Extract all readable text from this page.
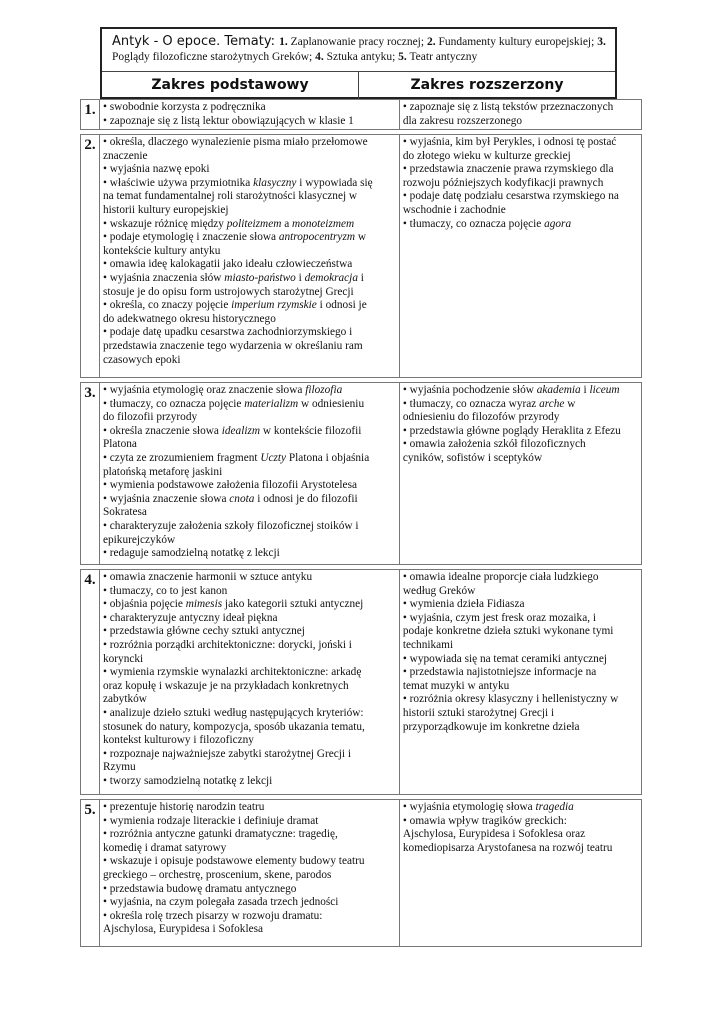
Antyk - O epoce. Tematy: 1. Zaplanowanie pracy rocznej; 2. Fundamenty kultury europejskiej; 3. Poglądy filozoficzne starożytnych Greków; 4. Sztuka antyku; 5. Teatr antyczny
Zakres podstawowy	Zakres rozszerzony
1. • swobodnie korzysta z podręcznika
• zapoznaje się z listą lektur obowiązujących w klasie 1
• zapoznaje się z listą tekstów przeznaczonych
dla zakresu rozszerzonego
2. • określa, dlaczego wynalezienie pisma miało przełomowe
znaczenie
• wyjaśnia nazwę epoki
• właściwie używa przymiotnika klasyczny i wypowiada się
na temat fundamentalnej roli starożytności klasycznej w
historii kultury europejskiej
• wskazuje różnicę między politeizmem a monoteizmem
• podaje etymologię i znaczenie słowa antropocentryzm w
kontekście kultury antyku
• omawia ideę kalokagatii jako ideału człowieczeństwa
• wyjaśnia znaczenia słów miasto-państwo i demokracja i
stosuje je do opisu form ustrojowych starożytnej Grecji
• określa, co znaczy pojęcie imperium rzymskie i odnosi je
do adekwatnego okresu historycznego
• podaje datę upadku cesarstwa zachodniorzymskiego i
przedstawia znaczenie tego wydarzenia w określaniu ram
czasowych epoki
• wyjaśnia, kim był Perykles, i odnosi tę postać
do złotego wieku w kulturze greckiej
• przedstawia znaczenie prawa rzymskiego dla
rozwoju późniejszych kodyfikacji prawnych
• podaje datę podziału cesarstwa rzymskiego na
wschodnie i zachodnie
• tłumaczy, co oznacza pojęcie agora
3. • wyjaśnia etymologię oraz znaczenie słowa filozofia
• tłumaczy, co oznacza pojęcie materializm w odniesieniu
do filozofii przyrody
• określa znaczenie słowa idealizm w kontekście filozofii
Platona
• czyta ze zrozumieniem fragment Uczty Platona i objaśnia
platońską metaforę jaskini
• wymienia podstawowe założenia filozofii Arystotelesa
• wyjaśnia znaczenie słowa cnota i odnosi je do filozofii
Sokratesa
• charakteryzuje założenia szkoły filozoficznej stoików i
epikurejczyków
• redaguje samodzielną notatkę z lekcji
• wyjaśnia pochodzenie słów akademia i liceum
• tłumaczy, co oznacza wyraz arche w
odniesieniu do filozofów przyrody
• przedstawia główne poglądy Heraklita z Efezu
• omawia założenia szkół filozoficznych
cyników, sofistów i sceptyków
4. • omawia znaczenie harmonii w sztuce antyku
• tłumaczy, co to jest kanon
• objaśnia pojęcie mimesis jako kategorii sztuki antycznej
• charakteryzuje antyczny ideał piękna
• przedstawia główne cechy sztuki antycznej
• rozróżnia porządki architektoniczne: dorycki, joński i
koryncki
• wymienia rzymskie wynalazki architektoniczne: arkadę
oraz kopułę i wskazuje je na przykładach konkretnych
zabytków
• analizuje dzieło sztuki według następujących kryteriów:
stosunek do natury, kompozycja, sposób ukazania tematu,
kontekst kulturowy i filozoficzny
• rozpoznaje najważniejsze zabytki starożytnej Grecji i
Rzymu
• tworzy samodzielną notatkę z lekcji
• omawia idealne proporcje ciała ludzkiego
według Greków
• wymienia dzieła Fidiasza
• wyjaśnia, czym jest fresk oraz mozaika, i
podaje konkretne dzieła sztuki wykonane tymi
technikami
• wypowiada się na temat ceramiki antycznej
• przedstawia najistotniejsze informacje na
temat muzyki w antyku
• rozróżnia okresy klasyczny i hellenistyczny w
historii sztuki starożytnej Grecji i
przyporządkowuje im konkretne dzieła
5. • prezentuje historię narodzin teatru
• wymienia rodzaje literackie i definiuje dramat
• rozróżnia antyczne gatunki dramatyczne: tragedię,
komedię i dramat satyrowy
• wskazuje i opisuje podstawowe elementy budowy teatru
greckiego – orchestrę, proscenium, skene, parodos
• przedstawia budowę dramatu antycznego
• wyjaśnia, na czym polegała zasada trzech jedności
• określa rolę trzech pisarzy w rozwoju dramatu:
Ajschylosa, Eurypidesa i Sofoklesa
• wyjaśnia etymologię słowa tragedia
• omawia wpływ tragików greckich:
Ajschylosa, Eurypidesa i Sofoklesa oraz
komediopisarza Arystofanesa na rozwój teatru
